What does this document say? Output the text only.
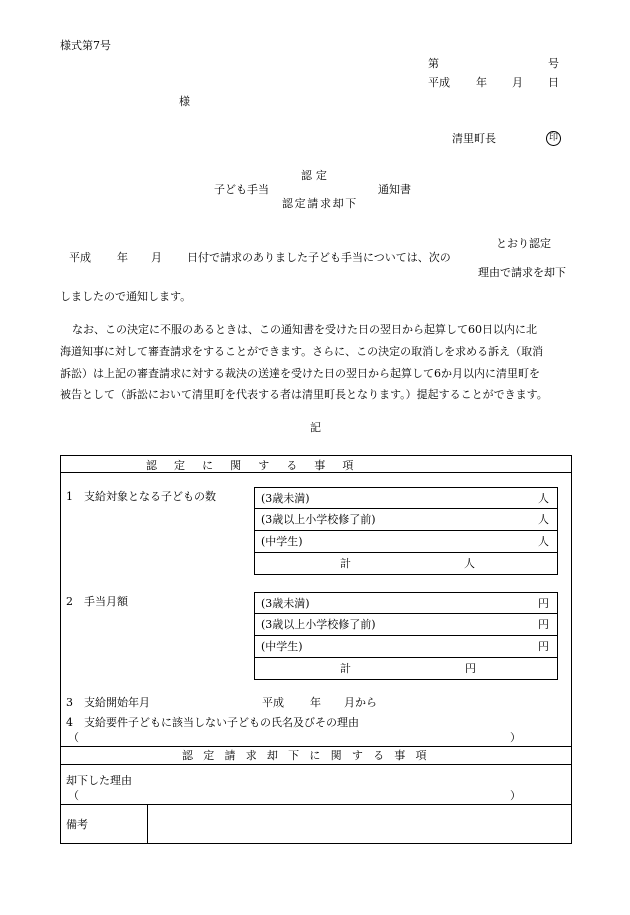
様式第7号
第	号
平成 年 月 日
様
清里町長	印
認定
子ども手当	通知書
認定請求却下
とおり認定
平成 年 月 日付で請求のありました子ども手当については、次の
理由で請求を却下
しましたので通知します。
なお、この決定に不服のあるときは、この通知書を受けた日の翌日から起算して60日以内に北
海道知事に対して審査請求をすることができます。さらに、この決定の取消しを求める訴え（取消
訴訟）は上記の審査請求に対する裁決の送達を受けた日の翌日から起算して6か月以内に清里町を
被告として（訴訟において清里町を代表する者は清里町長となります。）提起することができます。
記
認定に関する事項
1　支給対象となる子どもの数	(3歳未満)	人
(3歳以上小学校修了前)	人
(中学生)	人
計	人
2　手当月額	(3歳未満)	円
(3歳以上小学校修了前)	円
(中学生)	円
計	円
3　支給開始年月	平成 年 月から
4　支給要件子どもに該当しない子どもの氏名及びその理由
（	）
認定請求却下に関する事項
却下した理由
（	）
備考
